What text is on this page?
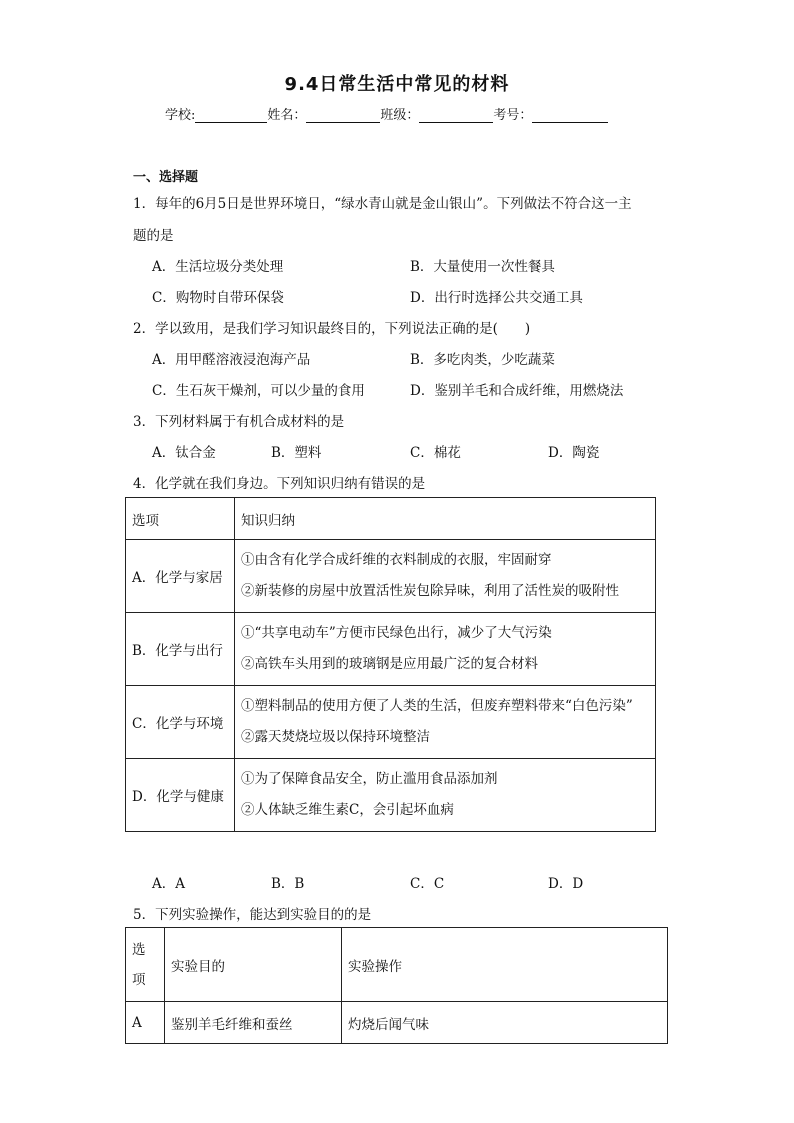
9.4日常生活中常见的材料
学校:	姓名：	班级：	考号：
一、选择题
1．每年的6月5日是世界环境日，“绿水青山就是金山银山”。下列做法不符合这一主
题的是
A．生活垃圾分类处理	B．大量使用一次性餐具
C．购物时自带环保袋	D．出行时选择公共交通工具
2．学以致用，是我们学习知识最终目的，下列说法正确的是(　　)
A．用甲醛溶液浸泡海产品	B．多吃肉类，少吃蔬菜
C．生石灰干燥剂，可以少量的食用	D．鉴别羊毛和合成纤维，用燃烧法
3．下列材料属于有机合成材料的是
A．钛合金	B．塑料	C．棉花	D．陶瓷
4．化学就在我们身边。下列知识归纳有错误的是
选项	知识归纳
A．化学与家居	①由含有化学合成纤维的衣料制成的衣服，牢固耐穿
②新装修的房屋中放置活性炭包除异味，利用了活性炭的吸附性

B．化学与出行	①“共享电动车”方便市民绿色出行，减少了大气污染
②高铁车头用到的玻璃钢是应用最广泛的复合材料

C．化学与环境	①塑料制品的使用方便了人类的生活，但废弃塑料带来“白色污染”
②露天焚烧垃圾以保持环境整洁

D．化学与健康	①为了保障食品安全，防止滥用食品添加剂
②人体缺乏维生素C，会引起坏血病
A．A	B．B	C．C	D．D
5．下列实验操作，能达到实验目的的是
选
项	实验目的	实验操作
A	鉴别羊毛纤维和蚕丝	灼烧后闻气味
